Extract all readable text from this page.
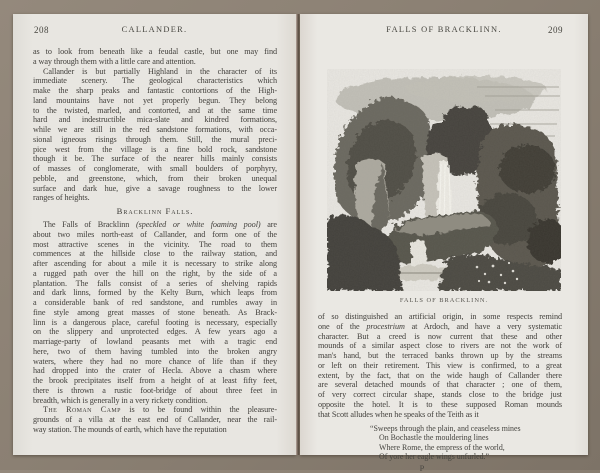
208	CALLANDER.
as to look from beneath like a feudal castle, but one may find
a way through them with a little care and attention.
Callander is but partially Highland in the character of its
immediate scenery. The geological characteristics which
make the sharp peaks and fantastic contortions of the High-
land mountains have not yet properly begun. They belong
to the twisted, marled, and contorted, and at the same time
hard and indestructible mica-slate and kindred formations,
while we are still in the red sandstone formations, with occa-
sional igneous risings through them. Still, the mural preci-
pice west from the village is a fine bold rock, sandstone
though it be. The surface of the nearer hills mainly consists
of masses of conglomerate, with small boulders of porphyry,
pebble, and greenstone, which, from their broken unequal
surface and dark hue, give a savage roughness to the lower
ranges of heights.
Bracklinn Falls.
The Falls of Bracklinn (speckled or white foaming pool) are
about two miles north-east of Callander, and form one of the
most attractive scenes in the vicinity. The road to them
commences at the hillside close to the railway station, and
after ascending for about a mile it is necessary to strike along
a rugged path over the hill on the right, by the side of a
plantation. The falls consist of a series of shelving rapids
and dark linns, formed by the Kelty Burn, which leaps from
a considerable bank of red sandstone, and rumbles away in
fine style among great masses of stone beneath. As Brack-
linn is a dangerous place, careful footing is necessary, especially
on the slippery and unprotected edges. A few years ago a
marriage-party of lowland peasants met with a tragic end
here, two of them having tumbled into the broken angry
waters, where they had no more chance of life than if they
had dropped into the crater of Hecla. Above a chasm where
the brook precipitates itself from a height of at least fifty feet,
there is thrown a rustic foot-bridge of about three feet in
breadth, which is generally in a very rickety condition.
The Roman Camp is to be found within the pleasure-
grounds of a villa at the east end of Callander, near the rail-
way station. The mounds of earth, which have the reputation
FALLS OF BRACKLINN.	209
FALLS OF BRACKLINN.
of so distinguished an artificial origin, in some respects remind
one of the procestrium at Ardoch, and have a very systematic
character. But a creed is now current that these and other
mounds of a similar aspect close to rivers are not the work of
man's hand, but the terraced banks thrown up by the streams
or left on their retirement. This view is confirmed, to a great
extent, by the fact, that on the wide haugh of Callander there
are several detached mounds of that character ; one of them,
of very correct circular shape, stands close to the bridge just
opposite the hotel. It is to these supposed Roman mounds
that Scott alludes when he speaks of the Teith as it
“Sweeps through the plain, and ceaseless mines
On Bochastle the mouldering lines
Where Rome, the empress of the world,
Of yore her eagle wings unfurled.”
P
